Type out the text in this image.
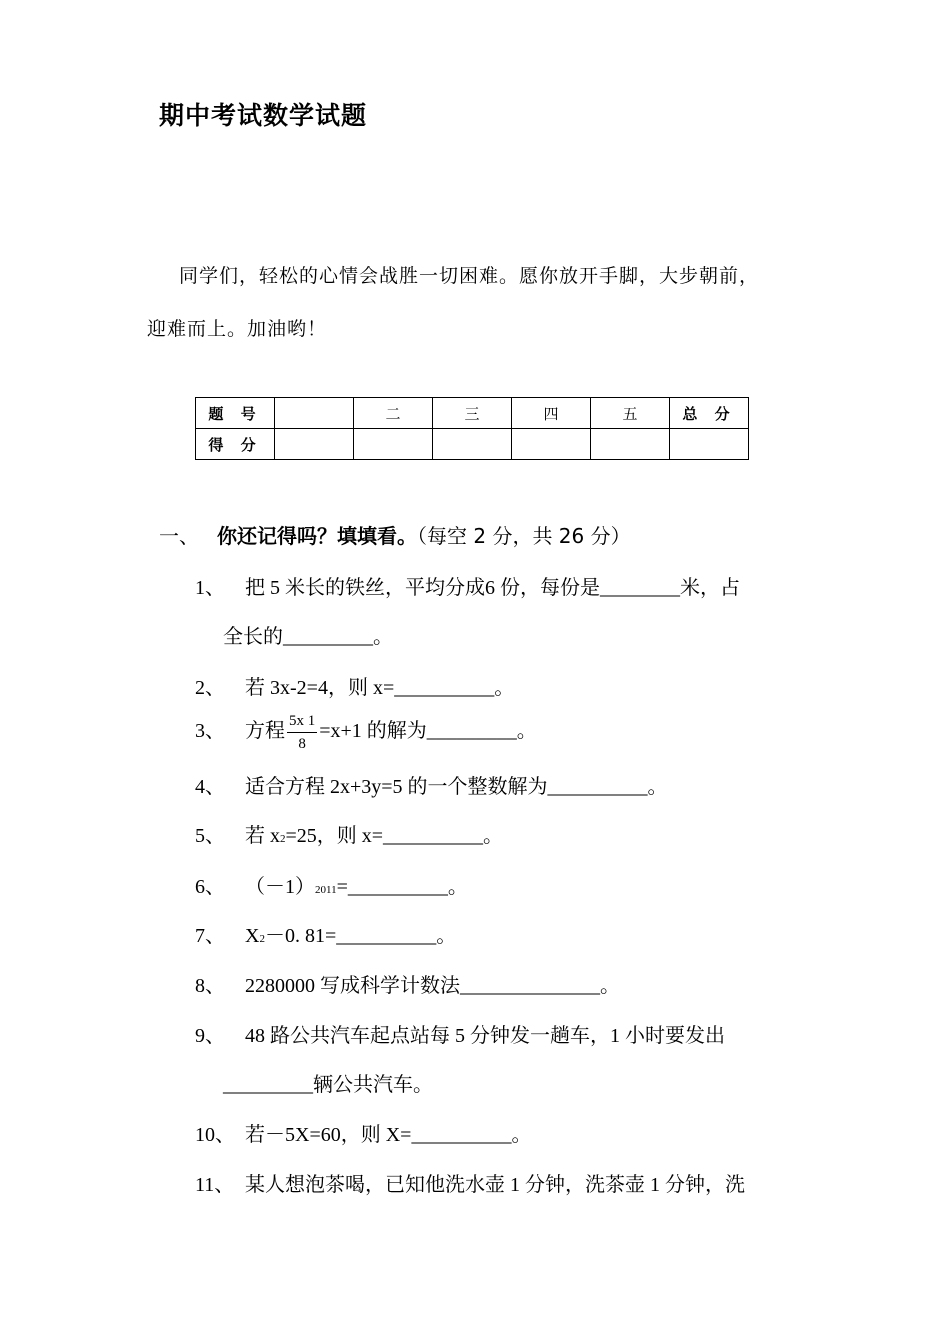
期中考试数学试题
同学们，轻松的心情会战胜一切困难。愿你放开手脚，大步朝前，
迎难而上。加油哟！
题 号		二	三	四	五	总 分
得 分						
一、 你还记得吗？填填看。（每空 2 分，共 26 分）
1、 把 5 米长的铁丝，平均分成6 份，每份是________米，占
全长的_________。
2、 若 3x-2=4，则 x=__________。
3、 方程 $\frac{5x 1}{8} =x+1$ 的解为_________。
4、 适合方程 2x+3y=5 的一个整数解为__________。
5、 若 x2=25，则 x=__________。
6、 （－1）2011=__________。
7、 X2－0. 81=__________。
8、 2280000 写成科学计数法______________。
9、 48 路公共汽车起点站每 5 分钟发一趟车，1 小时要发出
_________辆公共汽车。
10、 若－5X=60，则 X=__________。
11、 某人想泡茶喝，已知他洗水壶 1 分钟，洗茶壶 1 分钟，洗
